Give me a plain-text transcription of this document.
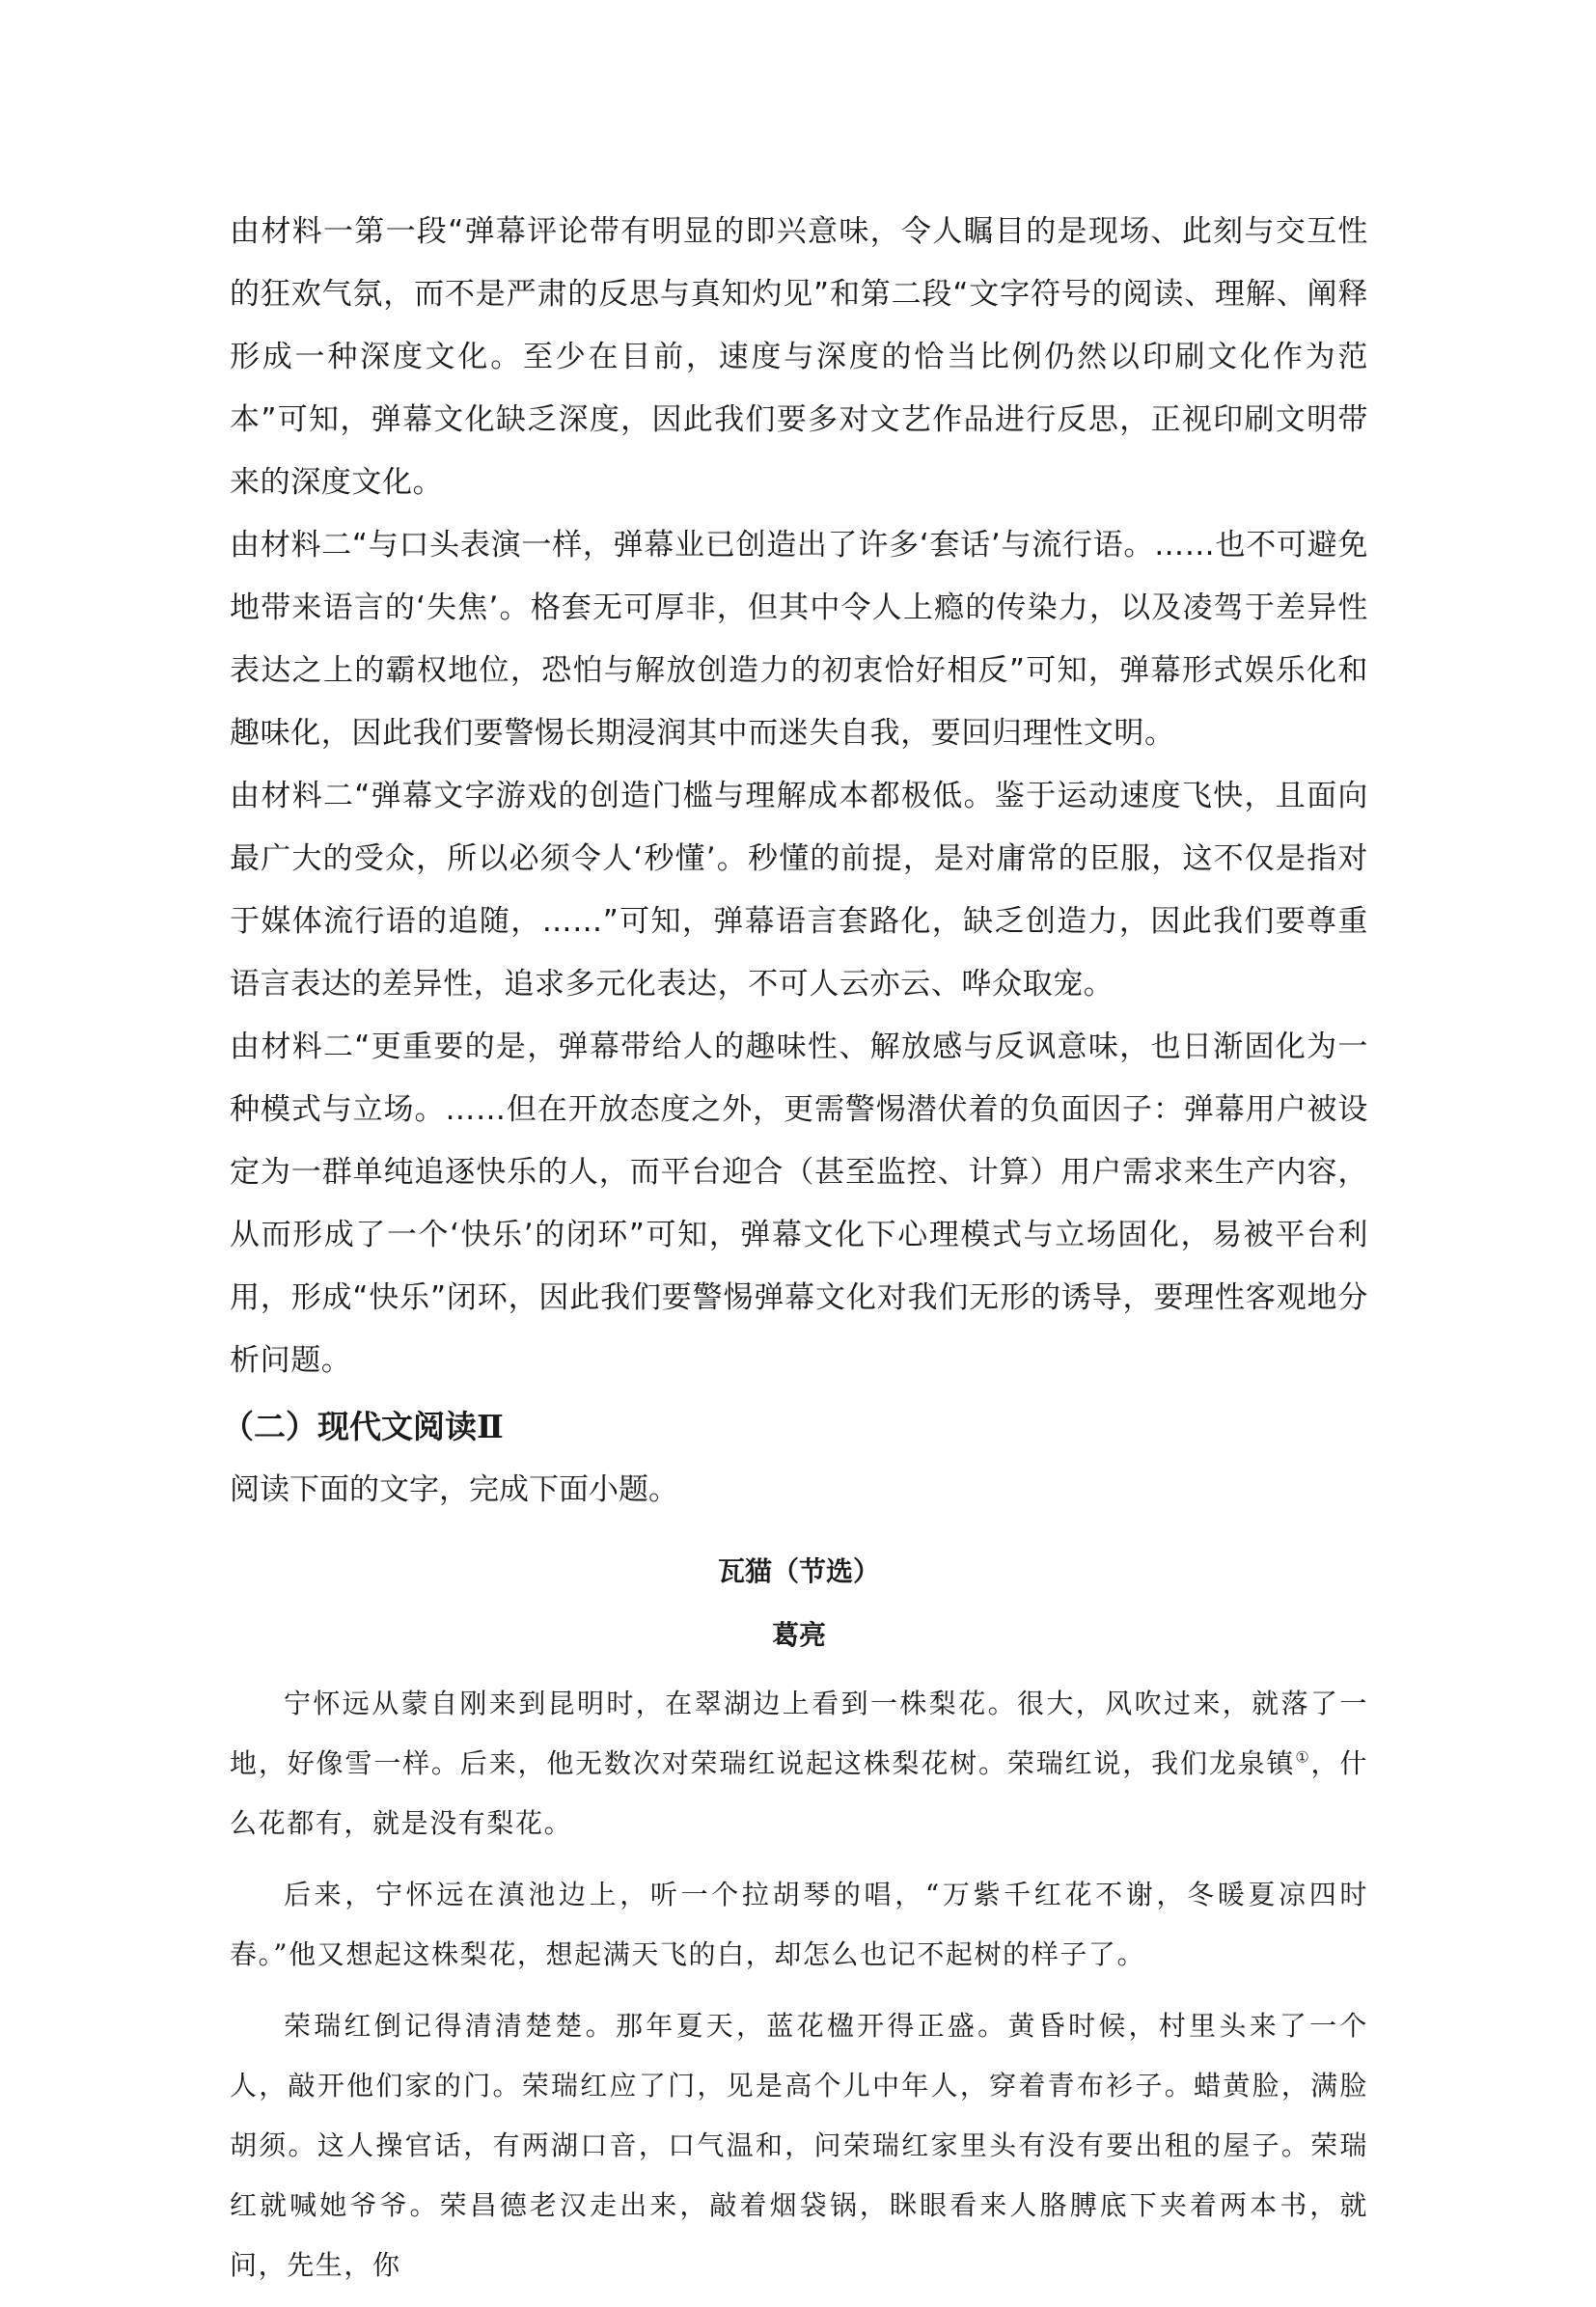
由材料一第一段“弹幕评论带有明显的即兴意味，令人瞩目的是现场、此刻与交互性的狂欢气氛，而不是严肃的反思与真知灼见”和第二段“文字符号的阅读、理解、阐释形成一种深度文化。至少在目前，速度与深度的恰当比例仍然以印刷文化作为范本”可知，弹幕文化缺乏深度，因此我们要多对文艺作品进行反思，正视印刷文明带来的深度文化。

由材料二“与口头表演一样，弹幕业已创造出了许多‘套话’与流行语。……也不可避免地带来语言的‘失焦’。格套无可厚非，但其中令人上瘾的传染力，以及凌驾于差异性表达之上的霸权地位，恐怕与解放创造力的初衷恰好相反”可知，弹幕形式娱乐化和趣味化，因此我们要警惕长期浸润其中而迷失自我，要回归理性文明。

由材料二“弹幕文字游戏的创造门槛与理解成本都极低。鉴于运动速度飞快，且面向最广大的受众，所以必须令人‘秒懂’。秒懂的前提，是对庸常的臣服，这不仅是指对于媒体流行语的追随，……”可知，弹幕语言套路化，缺乏创造力，因此我们要尊重语言表达的差异性，追求多元化表达，不可人云亦云、哗众取宠。

由材料二“更重要的是，弹幕带给人的趣味性、解放感与反讽意味，也日渐固化为一种模式与立场。……但在开放态度之外，更需警惕潜伏着的负面因子：弹幕用户被设定为一群单纯追逐快乐的人，而平台迎合（甚至监控、计算）用户需求来生产内容，从而形成了一个‘快乐’的闭环”可知，弹幕文化下心理模式与立场固化，易被平台利用，形成“快乐”闭环，因此我们要警惕弹幕文化对我们无形的诱导，要理性客观地分析问题。

（二）现代文阅读Ⅱ

阅读下面的文字，完成下面小题。

瓦猫（节选）
葛亮

宁怀远从蒙自刚来到昆明时，在翠湖边上看到一株梨花。很大，风吹过来，就落了一地，好像雪一样。后来，他无数次对荣瑞红说起这株梨花树。荣瑞红说，我们龙泉镇①，什么花都有，就是没有梨花。

后来，宁怀远在滇池边上，听一个拉胡琴的唱，“万紫千红花不谢，冬暖夏凉四时春。”他又想起这株梨花，想起满天飞的白，却怎么也记不起树的样子了。

荣瑞红倒记得清清楚楚。那年夏天，蓝花楹开得正盛。黄昏时候，村里头来了一个人，敲开他们家的门。荣瑞红应了门，见是高个儿中年人，穿着青布衫子。蜡黄脸，满脸胡须。这人操官话，有两湖口音，口气温和，问荣瑞红家里头有没有要出租的屋子。荣瑞红就喊她爷爷。荣昌德老汉走出来，敲着烟袋锅，眯眼看来人胳膊底下夹着两本书，就问，先生，你
